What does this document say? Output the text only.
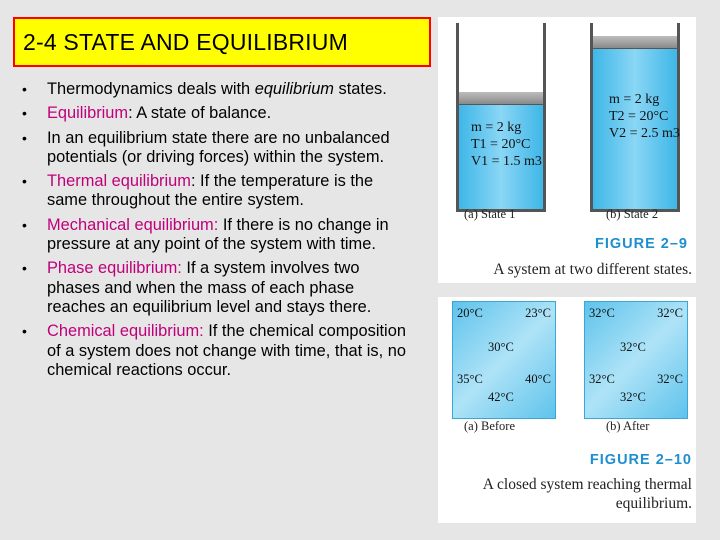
2-4 STATE AND EQUILIBRIUM
• Thermodynamics deals with equilibrium states.
• Equilibrium: A state of balance.
• In an equilibrium state there are no unbalanced potentials (or driving forces) within the system.
• Thermal equilibrium: If the temperature is the same throughout the entire system.
• Mechanical equilibrium: If there is no change in pressure at any point of the system with time.
• Phase equilibrium: If a system involves two phases and when the mass of each phase reaches an equilibrium level and stays there.
• Chemical equilibrium: If the chemical composition of a system does not change with time, that is, no chemical reactions occur.
m = 2 kg
T1 = 20°C
V1 = 1.5 m3
m = 2 kg
T2 = 20°C
V2 = 2.5 m3
(a) State 1	(b) State 2
FIGURE 2–9
A system at two different states.
20°C	23°C
30°C
35°C	40°C
42°C
32°C	32°C
32°C
32°C	32°C
32°C
(a) Before	(b) After
FIGURE 2–10
A closed system reaching thermal
equilibrium.
